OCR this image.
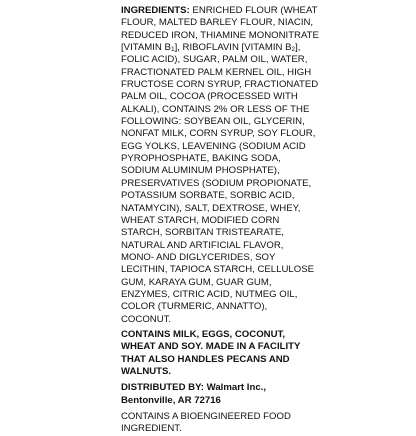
INGREDIENTS: ENRICHED FLOUR (WHEAT FLOUR, MALTED BARLEY FLOUR, NIACIN, REDUCED IRON, THIAMINE MONONITRATE [VITAMIN $B_1$], RIBOFLAVIN [VITAMIN $B_2$], FOLIC ACID), SUGAR, PALM OIL, WATER, FRACTIONATED PALM KERNEL OIL, HIGH FRUCTOSE CORN SYRUP, FRACTIONATED PALM OIL, COCOA (PROCESSED WITH ALKALI), CONTAINS 2% OR LESS OF THE FOLLOWING: SOYBEAN OIL, GLYCERIN, NONFAT MILK, CORN SYRUP, SOY FLOUR, EGG YOLKS, LEAVENING (SODIUM ACID PYROPHOSPHATE, BAKING SODA, SODIUM ALUMINUM PHOSPHATE), PRESERVATIVES (SODIUM PROPIONATE, POTASSIUM SORBATE, SORBIC ACID, NATAMYCIN), SALT, DEXTROSE, WHEY, WHEAT STARCH, MODIFIED CORN STARCH, SORBITAN TRISTEARATE, NATURAL AND ARTIFICIAL FLAVOR, MONO- AND DIGLYCERIDES, SOY LECITHIN, TAPIOCA STARCH, CELLULOSE GUM, KARAYA GUM, GUAR GUM, ENZYMES, CITRIC ACID, NUTMEG OIL, COLOR (TURMERIC, ANNATTO), COCONUT.

CONTAINS MILK, EGGS, COCONUT, WHEAT AND SOY. MADE IN A FACILITY THAT ALSO HANDLES PECANS AND WALNUTS.

DISTRIBUTED BY: Walmart Inc.,
Bentonville, AR 72716

CONTAINS A BIOENGINEERED FOOD INGREDIENT.
